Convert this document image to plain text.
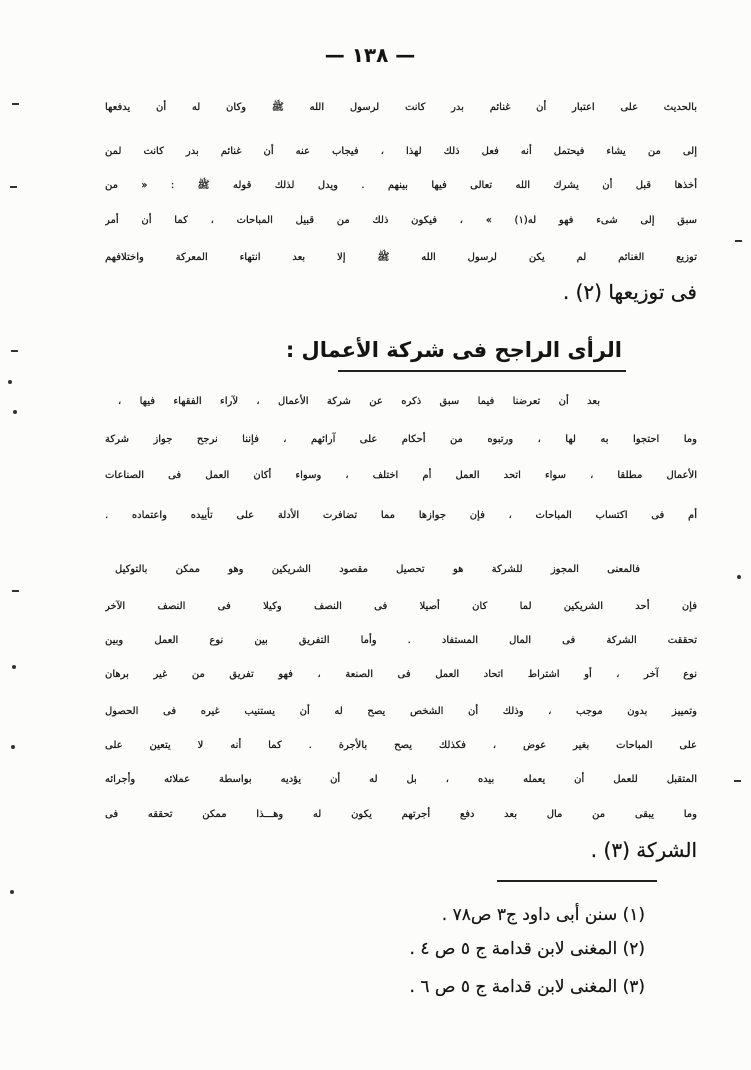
— ١٣٨ —
بالحديث على اعتبار أن غنائم بدر كانت لرسول الله ﷺ وكان له أن يدفعها
إلى من يشاء فيحتمل أنه فعل ذلك لهذا ، فيجاب عنه أن غنائم بدر كانت لمن
أخذها قبل أن يشرك الله تعالى فيها بينهم . ويدل لذلك قوله ﷺ : « من
سبق إلى شىء فهو له(١) » ، فيكون ذلك من قبيل المباحات ، كما أن أمر
توزيع الغنائم لم يكن لرسول الله ﷺ إلا بعد انتهاء المعركة واختلافهم
فى توزيعها (٢) .
الرأى الراجح فى شركة الأعمال :
بعد أن تعرضنا فيما سبق ذكره عن شركة الأعمال ، لآراء الفقهاء فيها ،
وما احتجوا به لها ، ورتبوه من أحكام على آرائهم ، فإننا نرجح جواز شركة
الأعمال مطلقا ، سواء اتحد العمل أم اختلف ، وسواء أكان العمل فى الصناعات
أم فى اكتساب المباحات ، فإن جوازها مما تضافرت الأدلة على تأييده واعتماده .
فالمعنى المجوز للشركة هو تحصيل مقصود الشريكين وهو ممكن بالتوكيل
فإن أحد الشريكين لما كان أصيلا فى النصف وكيلا فى النصف الآخر
تحققت الشركة فى المال المستفاد . وأما التفريق بين نوع العمل وبين
نوع آخر ، أو اشتراط اتحاد العمل فى الصنعة ، فهو تفريق من غير برهان
وتمييز بدون موجب ، وذلك أن الشخص يصح له أن يستنيب غيره فى الحصول
على المباحات بغير عوض ، فكذلك يصح بالأجرة . كما أنه لا يتعين على
المتقبل للعمل أن يعمله بيده ، بل له أن يؤديه بواسطة عملائه وأجرائه
وما يبقى من مال بعد دفع أجرتهم يكون له وهـــذا ممكن تحققه فى
الشركة (٣) .
(١) سنن أبى داود ج٣ ص٧٨ .
(٢) المغنى لابن قدامة ج ٥ ص ٤ .
(٣) المغنى لابن قدامة ج ٥ ص ٦ .
